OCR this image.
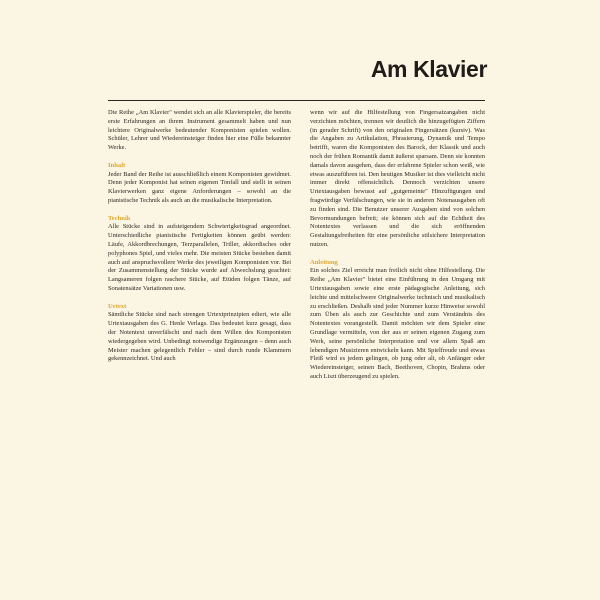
Am Klavier

Die Reihe „Am Klavier" wendet sich an alle Klavierspieler, die bereits erste Erfahrungen an ihrem Instrument gesammelt haben und nun leichtere Originalwerke bedeutender Komponisten spielen wollen. Schüler, Lehrer und Wiedereinsteiger finden hier eine Fülle bekannter Werke.

Inhalt

Jeder Band der Reihe ist ausschließlich einem Komponisten gewidmet. Denn jeder Komponist hat seinen eigenen Tonfall und stellt in seinen Klavierwerken ganz eigene Anforderungen – sowohl an die pianistische Technik als auch an die musikalische Interpretation.

Technik

Alle Stücke sind in aufsteigendem Schwierigkeitsgrad angeordnet. Unterschiedliche pianistische Fertigkeiten können geübt werden: Läufe, Akkordbrechungen, Terzparallelen, Triller, akkordisches oder polyphones Spiel, und vieles mehr. Die meisten Stücke bestehen damit auch auf anspruchsvollere Werke des jeweiligen Komponisten vor. Bei der Zusammenstellung der Stücke wurde auf Abwechslung geachtet: Langsameren folgen raschere Stücke, auf Etüden folgen Tänze, auf Sonatensätze Variationen usw.

Urtext

Sämtliche Stücke sind nach strengen Urtextprinzipien ediert, wie alle Urtextausgaben des G. Henle Verlags. Das bedeutet kurz gesagt, dass der Notentext unverfälscht und nach dem Willen des Komponisten wiedergegeben wird. Unbedingt notwendige Ergänzungen – denn auch Meister machen gelegentlich Fehler – sind durch runde Klammern gekennzeichnet. Und auch

wenn wir auf die Hilfestellung von Fingersatzangaben nicht verzichten möchten, trennen wir deutlich die hinzugefügten Ziffern (in gerader Schrift) von den originalen Fingersätzen (kursiv). Was die Angaben zu Artikulation, Phrasierung, Dynamik und Tempo betrifft, waren die Komponisten des Barock, der Klassik und auch noch der frühen Romantik damit äußerst sparsam. Denn sie konnten damals davon ausgehen, dass der erfahrene Spieler schon weiß, wie etwas auszuführen ist. Den heutigen Musiker ist dies vielleicht nicht immer direkt offensichtlich. Dennoch verzichten unsere Urtextausgaben bewusst auf „gutgemeinte" Hinzufügungen und fragwürdige Verfälschungen, wie sie in anderen Notenausgaben oft zu finden sind. Die Benutzer unserer Ausgaben sind von solchen Bevormundungen befreit; sie können sich auf die Echtheit des Notentextes verlassen und die sich eröffnenden Gestaltungsfreiheiten für eine persönliche stilsichere Interpretation nutzen.

Anleitung

Ein solches Ziel erreicht man freilich nicht ohne Hilfestellung. Die Reihe „Am Klavier" bietet eine Einführung in den Umgang mit Urtextausgaben sowie eine erste pädagogische Anleitung, sich leichte und mittelschwere Originalwerke technisch und musikalisch zu erschließen. Deshalb sind jeder Nummer kurze Hinweise sowohl zum Üben als auch zur Geschichte und zum Verständnis des Notentextes vorangestellt. Damit möchten wir dem Spieler eine Grundlage vermitteln, von der aus er seinen eigenen Zugang zum Werk, seine persönliche Interpretation und vor allem Spaß am lebendigen Musizieren entwickeln kann. Mit Spielfreude und etwas Fleiß wird es jedem gelingen, ob jung oder alt, ob Anfänger oder Wiedereinsteiger, seinen Bach, Beethoven, Chopin, Brahms oder auch Liszt überzeugend zu spielen.
